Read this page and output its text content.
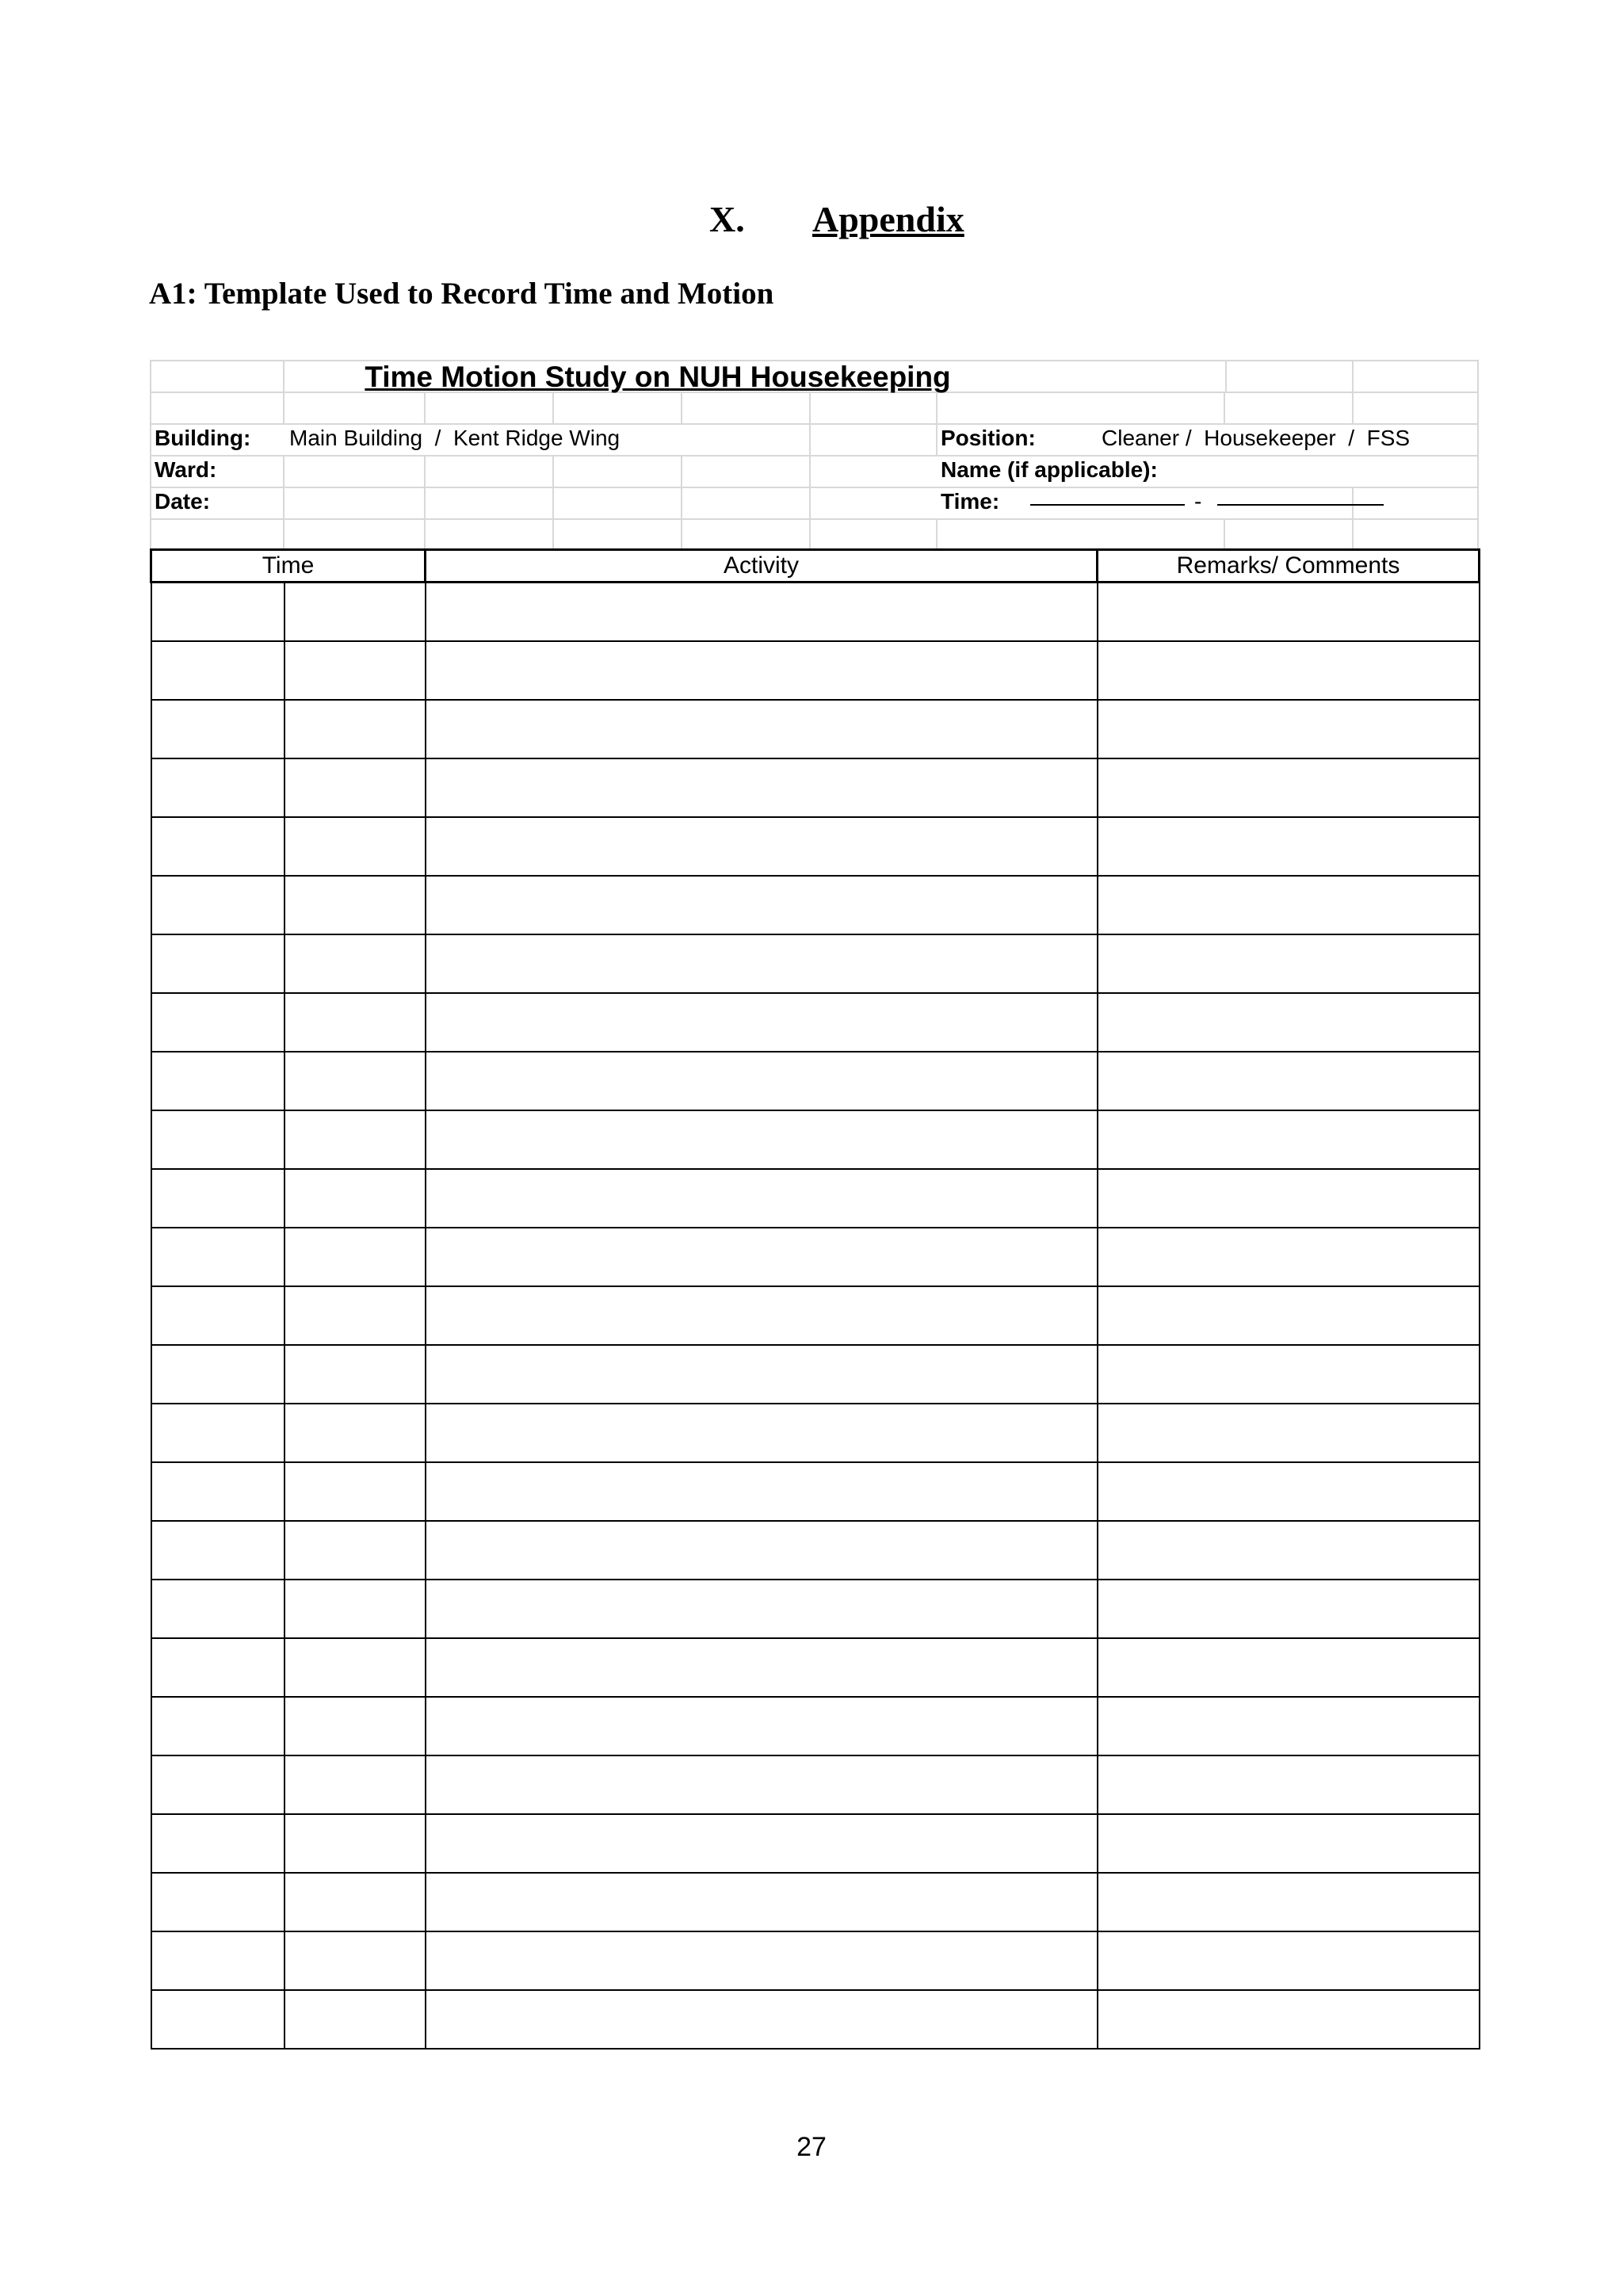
X. Appendix
A1: Template Used to Record Time and Motion
Time Motion Study on NUH Housekeeping
Building: Main Building  /  Kent Ridge Wing
Ward:
Date:
Position:	Cleaner /  Housekeeper  /  FSS
Name (if applicable):
Time:	-
Time		Activity	Remarks/ Comments

27
